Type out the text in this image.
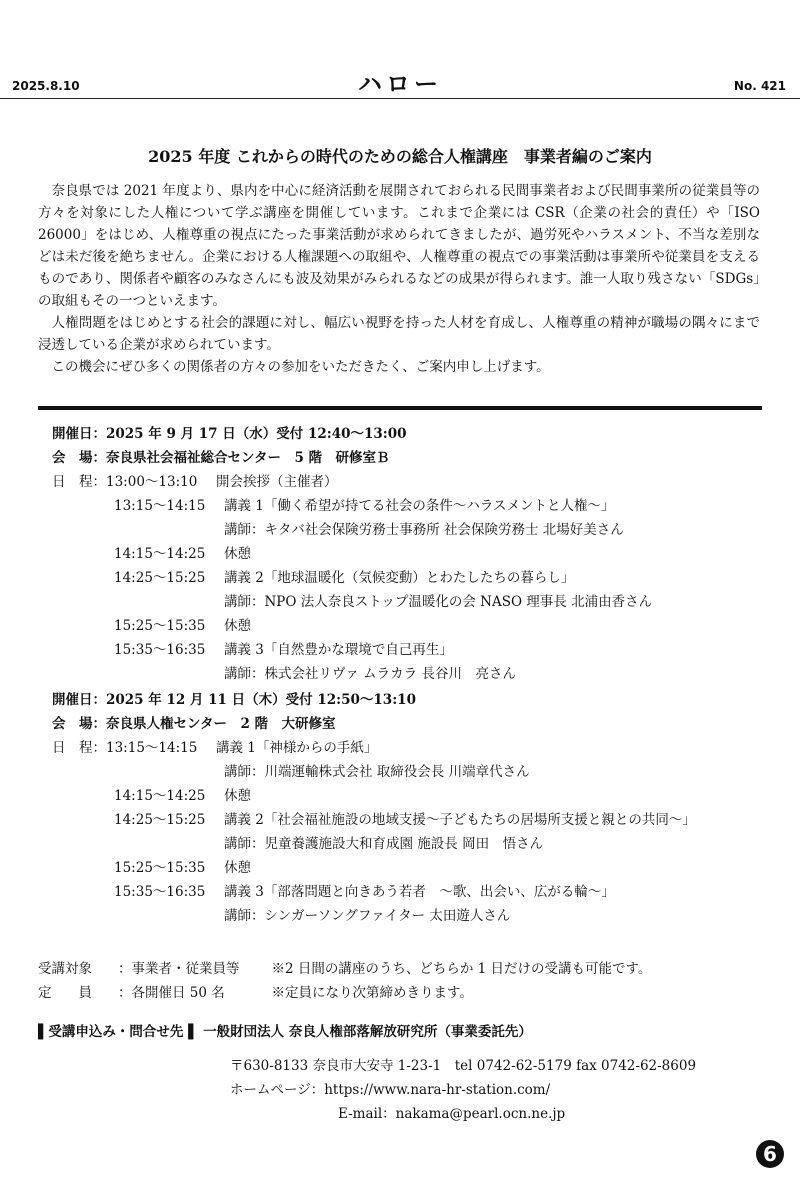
2025.8.10	ハロー	No. 421
2025 年度 これからの時代のための総合人権講座　事業者編のご案内

奈良県では 2021 年度より、県内を中心に経済活動を展開されておられる民間事業者および民間事業所の従業員等の方々を対象にした人権について学ぶ講座を開催しています。これまで企業には CSR（企業の社会的責任）や「ISO 26000」をはじめ、人権尊重の視点にたった事業活動が求められてきましたが、過労死やハラスメント、不当な差別などは未だ後を絶ちません。企業における人権課題への取組や、人権尊重の視点での事業活動は事業所や従業員を支えるものであり、関係者や顧客のみなさんにも波及効果がみられるなどの成果が得られます。誰一人取り残さない「SDGs」の取組もその一つといえます。

人権問題をはじめとする社会的課題に対し、幅広い視野を持った人材を育成し、人権尊重の精神が職場の隅々にまで浸透している企業が求められています。

この機会にぜひ多くの関係者の方々の参加をいただきたく、ご案内申し上げます。

開催日 ： 2025 年 9 月 17 日（水）受付 12:40～13:00
会　場 ： 奈良県社会福祉総合センター　5 階　研修室Ｂ
日　程 ： 13:00～13:10	開会挨拶（主催者）
13:15～14:15	講義 1「働く希望が持てる社会の条件～ハラスメントと人権～」
講師：キタバ社会保険労務士事務所 社会保険労務士 北場好美さん
14:15～14:25	休憩
14:25～15:25	講義 2「地球温暖化（気候変動）とわたしたちの暮らし」
講師：NPO 法人奈良ストップ温暖化の会 NASO 理事長 北浦由香さん
15:25～15:35	休憩
15:35～16:35	講義 3「自然豊かな環境で自己再生」
講師：株式会社リヴァ ムラカラ 長谷川　亮さん
開催日 ： 2025 年 12 月 11 日（木）受付 12:50～13:10
会　場 ： 奈良県人権センター　2 階　大研修室
日　程 ： 13:15～14:15	講義 1「神様からの手紙」
講師：川端運輸株式会社 取締役会長 川端章代さん
14:15～14:25	休憩
14:25～15:25	講義 2「社会福祉施設の地域支援～子どもたちの居場所支援と親との共同～」
講師：児童養護施設大和育成園 施設長 岡田　悟さん
15:25～15:35	休憩
15:35～16:35	講義 3「部落問題と向きあう若者　～歌、出会い、広がる輪～」
講師：シンガーソングファイター 太田遊人さん
受講対象	： 事業者・従業員等	※2 日間の講座のうち、どちらか 1 日だけの受講も可能です。
定　　員	： 各開催日 50 名	※定員になり次第締めきります。
▌受講申込み・問合せ先 ▌ 一般財団法人 奈良人権部落解放研究所（事業委託先）
〒630-8133 奈良市大安寺 1-23-1　tel 0742-62-5179 fax 0742-62-8609
ホームページ：https://www.nara-hr-station.com/
E-mail：nakama@pearl.ocn.ne.jp
6
